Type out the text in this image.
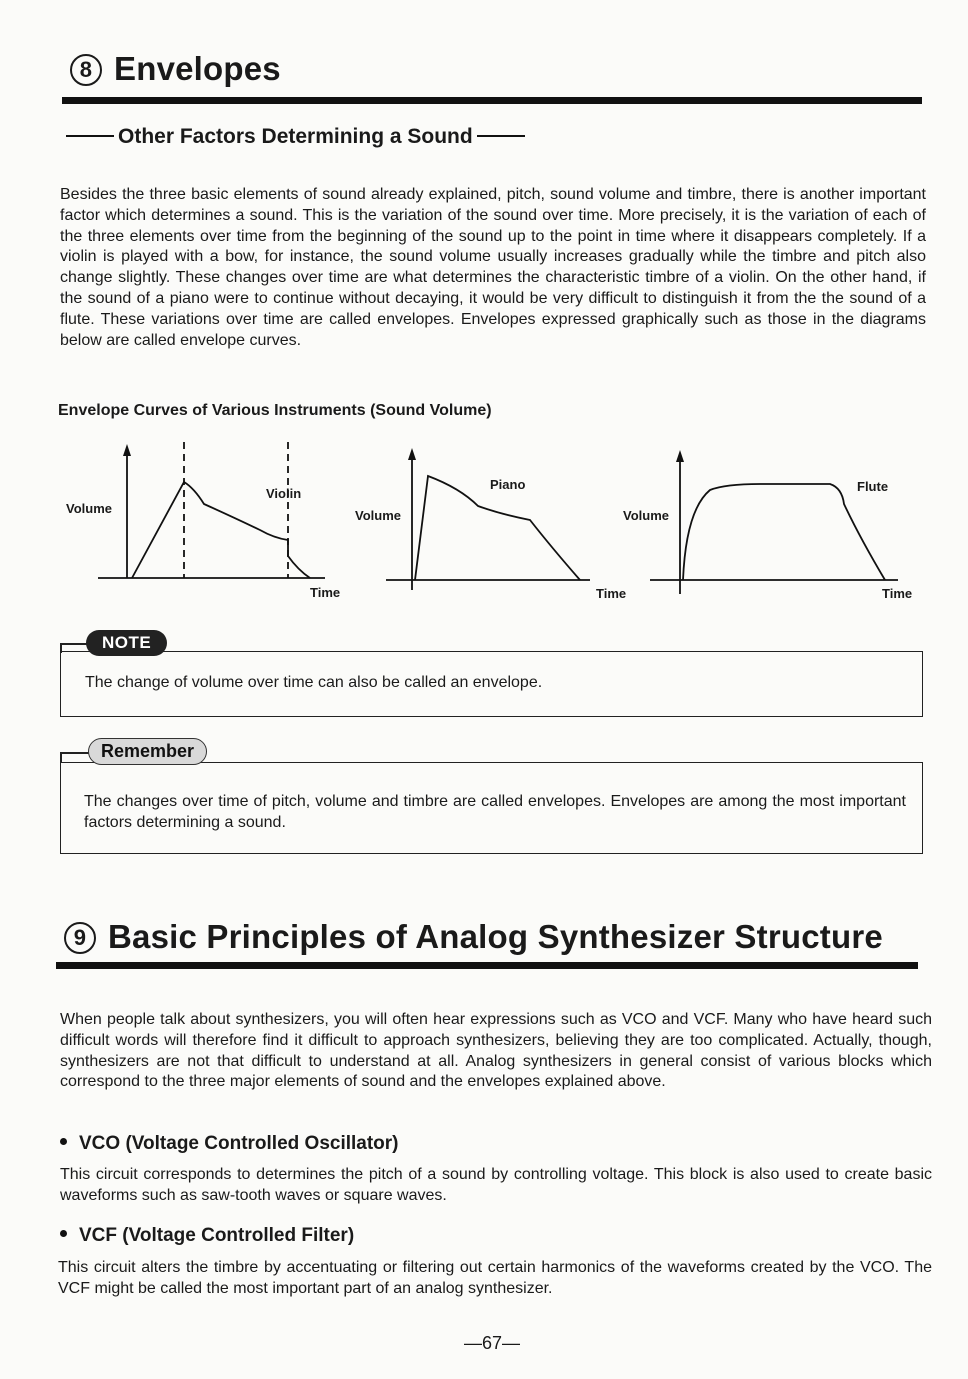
8 Envelopes
Other Factors Determining a Sound
Besides the three basic elements of sound already explained, pitch, sound volume and timbre, there is another important factor which determines a sound. This is the variation of the sound over time. More precisely, it is the variation of each of the three elements over time from the beginning of the sound up to the point in time where it disappears completely. If a violin is played with a bow, for instance, the sound volume usually increases gradually while the timbre and pitch also change slightly. These changes over time are what determines the characteristic timbre of a violin. On the other hand, if the sound of a piano were to continue without decaying, it would be very difficult to distinguish it from the the sound of a flute. These variations over time are called envelopes. Envelopes expressed graphically such as those in the diagrams below are called envelope curves.
Envelope Curves of Various Instruments (Sound Volume)
Violin
Volume
Time
Piano
Volume
Time
Flute
Volume
Time
NOTE
The change of volume over time can also be called an envelope.
Remember
The changes over time of pitch, volume and timbre are called envelopes. Envelopes are among the most important factors determining a sound.
9 Basic Principles of Analog Synthesizer Structure
When people talk about synthesizers, you will often hear expressions such as VCO and VCF. Many who have heard such difficult words will therefore find it difficult to approach synthesizers, believing they are too complicated. Actually, though, synthesizers are not that difficult to understand at all. Analog synthesizers in general consist of various blocks which correspond to the three major elements of sound and the envelopes explained above.
VCO (Voltage Controlled Oscillator)
This circuit corresponds to determines the pitch of a sound by controlling voltage. This block is also used to create basic waveforms such as saw-tooth waves or square waves.
VCF (Voltage Controlled Filter)
This circuit alters the timbre by accentuating or filtering out certain harmonics of the waveforms created by the VCO. The VCF might be called the most important part of an analog synthesizer.
—67—
